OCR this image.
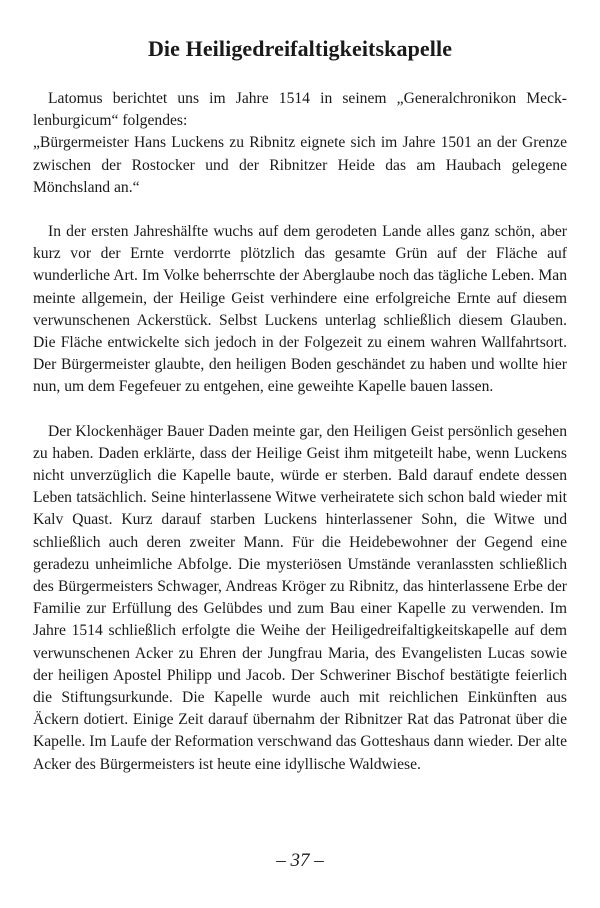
Die Heiligedreifaltigkeitskapelle

Latomus berichtet uns im Jahre 1514 in seinem „Generalchronikon Mecklenburgicum“ folgendes:

„Bürgermeister Hans Luckens zu Ribnitz eignete sich im Jahre 1501 an der Grenze zwischen der Rostocker und der Ribnitzer Heide das am Haubach gelegene Mönchsland an.“

In der ersten Jahreshälfte wuchs auf dem gerodeten Lande alles ganz schön, aber kurz vor der Ernte verdorrte plötzlich das gesamte Grün auf der Fläche auf wunderliche Art. Im Volke beherrschte der Aberglaube noch das tägliche Leben. Man meinte allgemein, der Heilige Geist verhindere eine erfolgreiche Ernte auf diesem verwunschenen Ackerstück. Selbst Luckens unterlag schließlich diesem Glauben. Die Fläche entwickelte sich jedoch in der Folgezeit zu einem wahren Wallfahrtsort. Der Bürgermeister glaubte, den heiligen Boden geschändet zu haben und wollte hier nun, um dem Fegefeuer zu entgehen, eine geweihte Kapelle bauen lassen.

Der Klockenhäger Bauer Daden meinte gar, den Heiligen Geist persönlich gesehen zu haben. Daden erklärte, dass der Heilige Geist ihm mitgeteilt habe, wenn Luckens nicht unverzüglich die Kapelle baute, würde er sterben. Bald darauf endete dessen Leben tatsächlich. Seine hinterlassene Witwe verheiratete sich schon bald wieder mit Kalv Quast. Kurz darauf starben Luckens hinterlassener Sohn, die Witwe und schließlich auch deren zweiter Mann. Für die Heidebewohner der Gegend eine geradezu unheimliche Abfolge. Die mysteriösen Umstände veranlassten schließlich des Bürgermeisters Schwager, Andreas Kröger zu Ribnitz, das hinterlassene Erbe der Familie zur Erfüllung des Gelübdes und zum Bau einer Kapelle zu verwenden. Im Jahre 1514 schließlich erfolgte die Weihe der Heiligedreifaltigkeitskapelle auf dem verwunschenen Acker zu Ehren der Jungfrau Maria, des Evangelisten Lucas sowie der heiligen Apostel Philipp und Jacob. Der Schweriner Bischof bestätigte feierlich die Stiftungsurkunde. Die Kapelle wurde auch mit reichlichen Einkünften aus Äckern dotiert. Einige Zeit darauf übernahm der Ribnitzer Rat das Patronat über die Kapelle. Im Laufe der Reformation verschwand das Gotteshaus dann wieder. Der alte Acker des Bürgermeisters ist heute eine idyllische Waldwiese.

– 37 –
